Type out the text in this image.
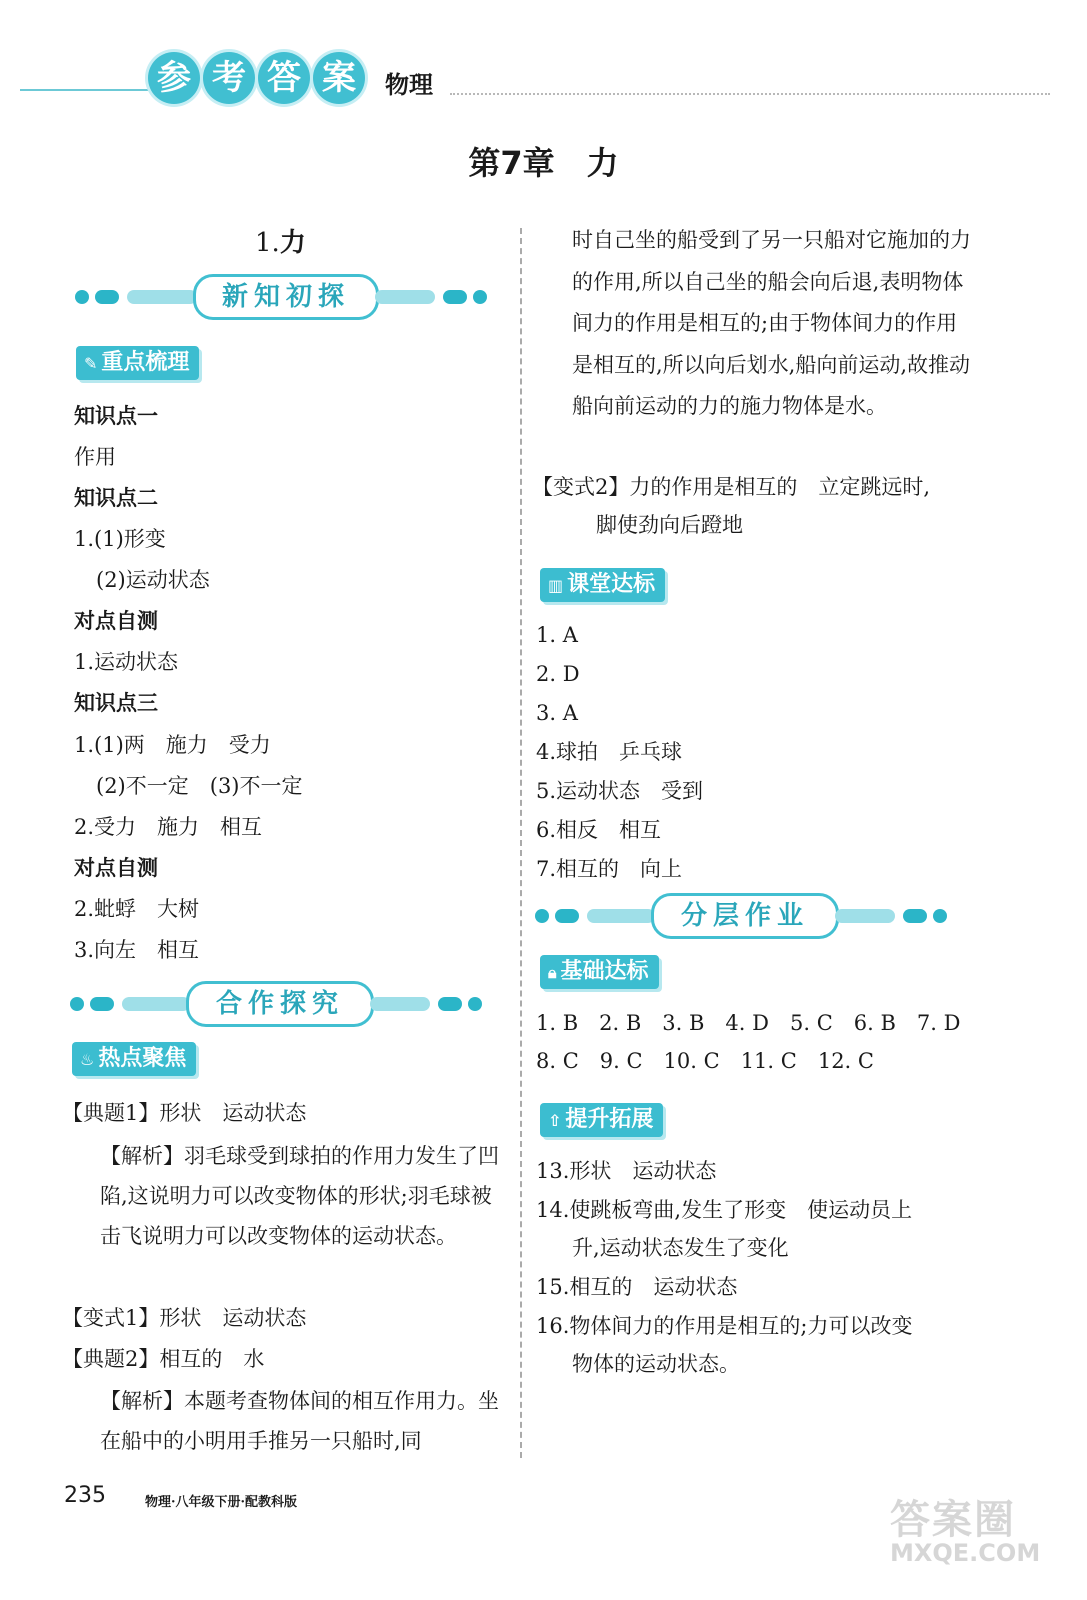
参 考 答 案	物理
第7章　力
1.力
新知初探
✎ 重点梳理
知识点一
作用
知识点二
1.(1)形变
(2)运动状态
对点自测
1.运动状态
知识点三
1.(1)两　施力　受力
(2)不一定　(3)不一定
2.受力　施力　相互
对点自测
2.蚍蜉　大树
3.向左　相互
合作探究
♨ 热点聚焦
【典题1】形状　运动状态
【解析】羽毛球受到球拍的作用力发生了凹陷,这说明力可以改变物体的形状;羽毛球被击飞说明力可以改变物体的运动状态。
【变式1】形状　运动状态
【典题2】相互的　水
【解析】本题考查物体间的相互作用力。坐在船中的小明用手推另一只船时,同
时自己坐的船受到了另一只船对它施加的力的作用,所以自己坐的船会向后退,表明物体间力的作用是相互的;由于物体间力的作用是相互的,所以向后划水,船向前运动,故推动船向前运动的力的施力物体是水。
【变式2】力的作用是相互的　立定跳远时,
脚使劲向后蹬地
▥ 课堂达标
1. A
2. D
3. A
4.球拍　乒乓球
5.运动状态　受到
6.相反　相互
7.相互的　向上
分层作业
🔒︎ 基础达标
1. B　2. B　3. B　4. D　5. C　6. B　7. D
8. C　9. C　10. C　11. C　12. C
⇧ 提升拓展
13.形状　运动状态
14.使跳板弯曲,发生了形变　使运动员上
升,运动状态发生了变化
15.相互的　运动状态
16.物体间力的作用是相互的;力可以改变
物体的运动状态。
235	物理·八年级下册·配教科版	答案圈
MXQE.COM
